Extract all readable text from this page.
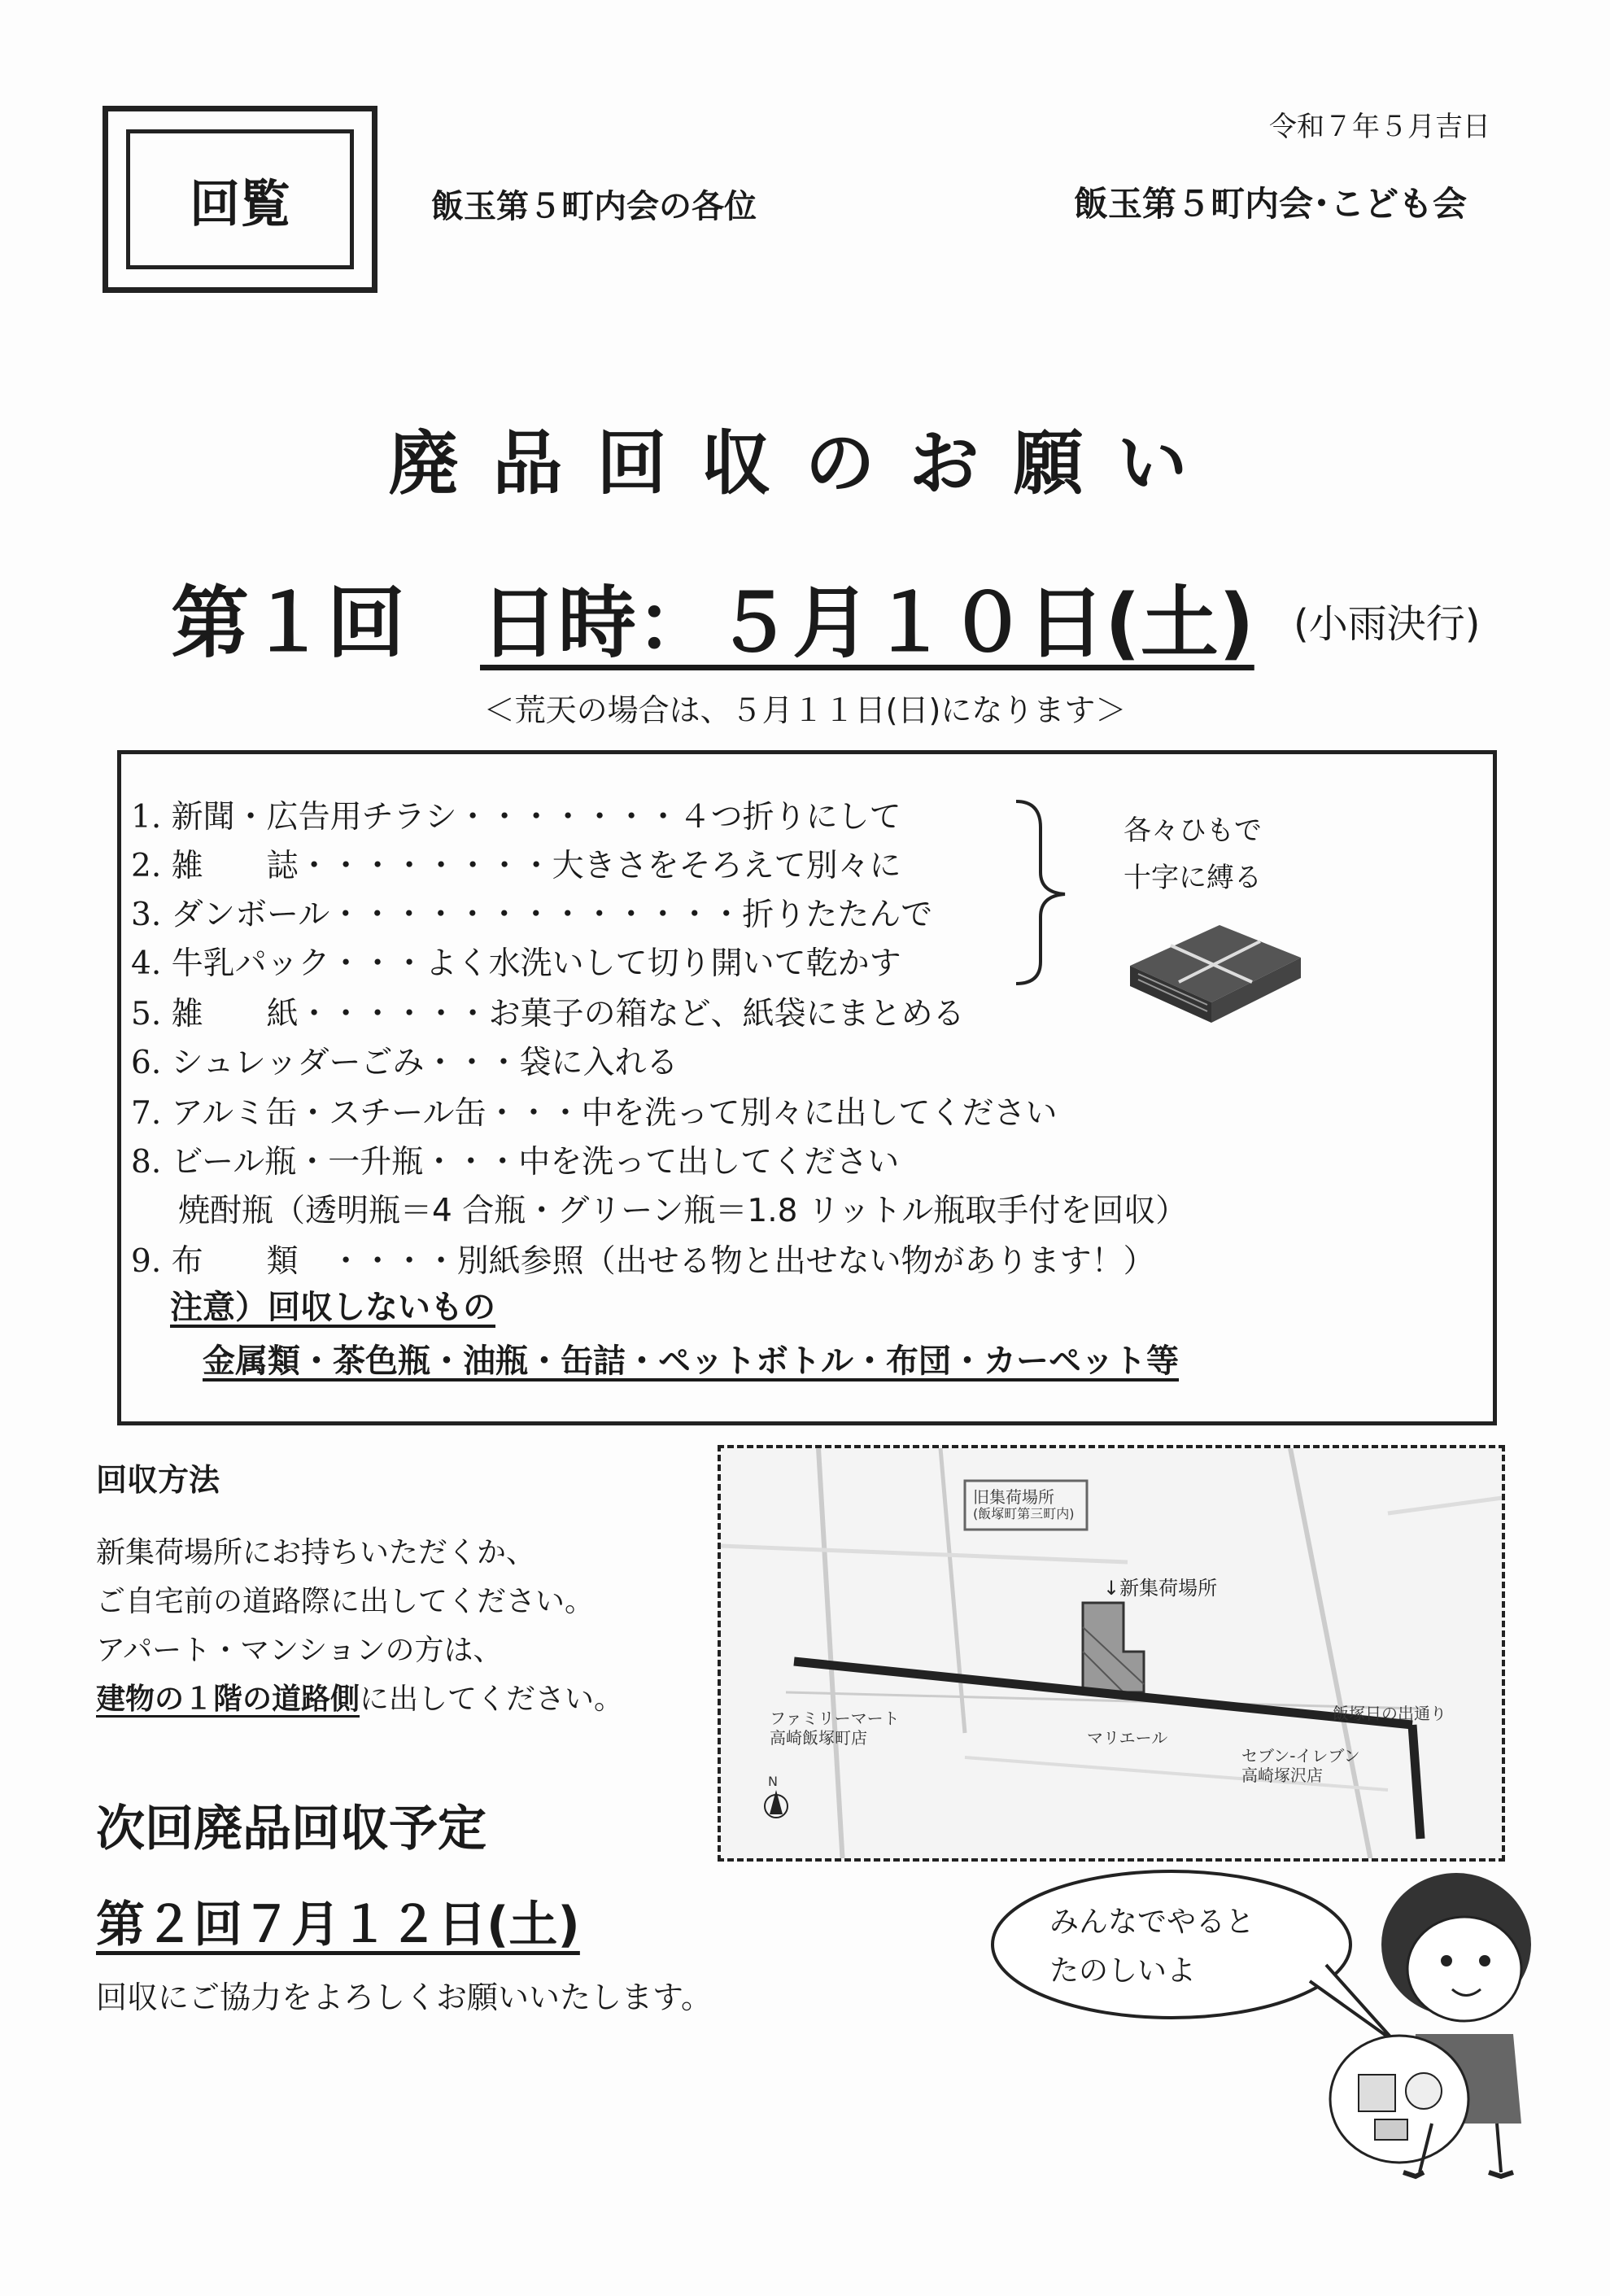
回覧	飯玉第５町内会の各位
令和７年５月吉日
飯玉第５町内会･こども会
廃品回収のお願い
第１回 日時：５月１０日(土) (小雨決行)
＜荒天の場合は、５月１１日(日)になります＞
1. 新聞・広告用チラシ・・・・・・・４つ折りにして
2. 雑　　誌・・・・・・・・大きさをそろえて別々に
3. ダンボール・・・・・・・・・・・・・折りたたんで
4. 牛乳パック・・・よく水洗いして切り開いて乾かす
5. 雑　　紙・・・・・・お菓子の箱など、紙袋にまとめる
6. シュレッダーごみ・・・袋に入れる
7. アルミ缶・スチール缶・・・中を洗って別々に出してください
8. ビール瓶・一升瓶・・・中を洗って出してください
焼酎瓶（透明瓶＝4 合瓶・グリーン瓶＝1.8 リットル瓶取手付を回収）
9. 布　　類　・・・・別紙参照（出せる物と出せない物があります！）
各々ひもで
十字に縛る
注意）回収しないもの
金属類・茶色瓶・油瓶・缶詰・ペットボトル・布団・カーペット等
回収方法
新集荷場所にお持ちいただくか、
ご自宅前の道路際に出してください。
アパート・マンションの方は、
建物の１階の道路側に出してください。
旧集荷場所
(飯塚町第三町内)
↓新集荷場所
ファミリーマート
高崎飯塚町店	マリエール
セブン-イレブン
高崎塚沢店
飯塚日の出通り
N
次回廃品回収予定
第２回７月１２日(土)
回収にご協力をよろしくお願いいたします。
みんなでやると
たのしいよ
